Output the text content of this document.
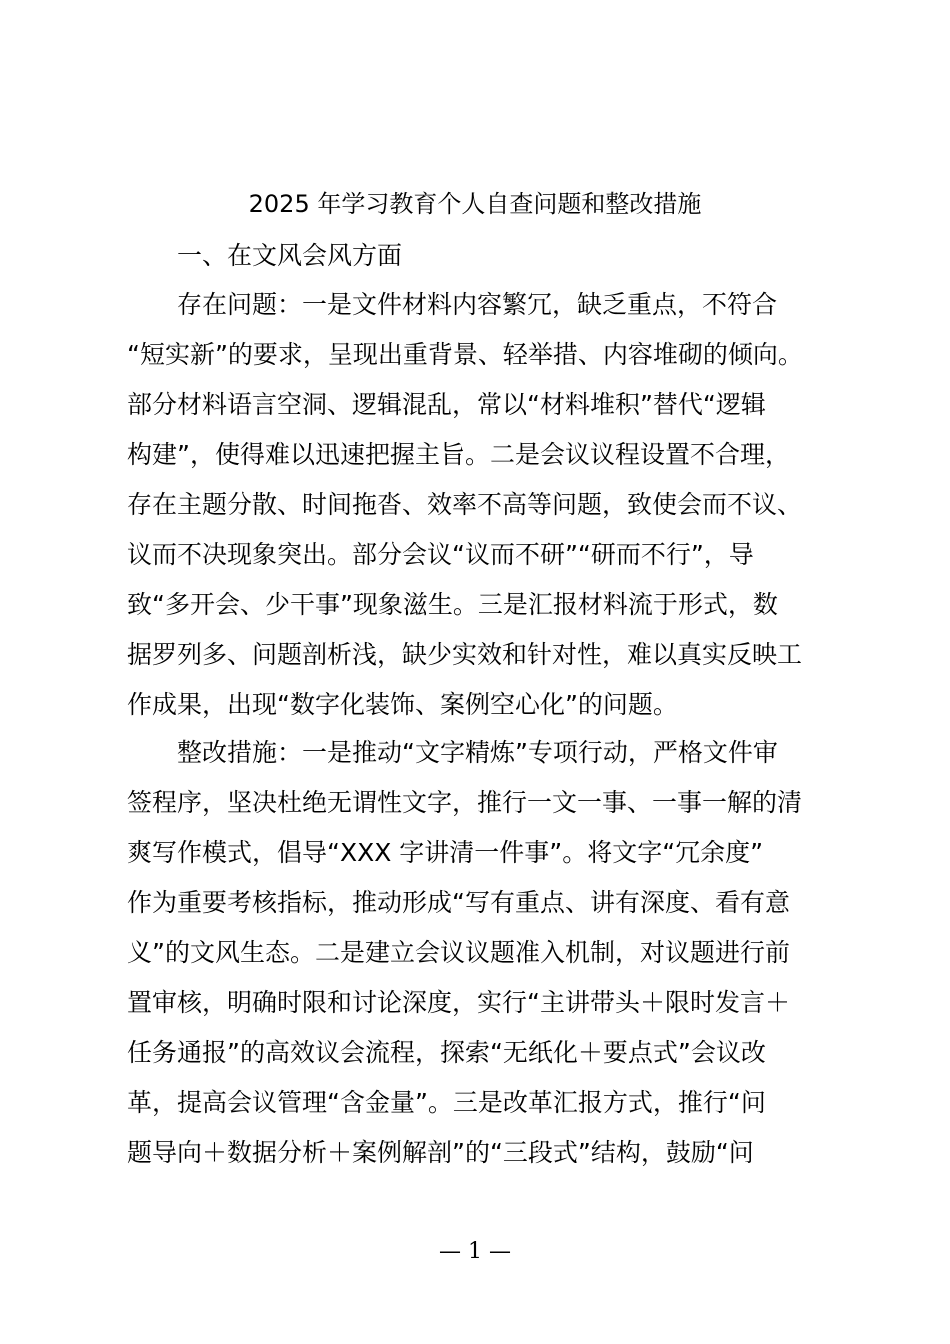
2025 年学习教育个人自查问题和整改措施
一、在文风会风方面
存在问题：一是文件材料内容繁冗，缺乏重点，不符合
“短实新”的要求，呈现出重背景、轻举措、内容堆砌的倾向。
部分材料语言空洞、逻辑混乱，常以“材料堆积”替代“逻辑
构建”，使得难以迅速把握主旨。二是会议议程设置不合理，
存在主题分散、时间拖沓、效率不高等问题，致使会而不议、
议而不决现象突出。部分会议“议而不研”“研而不行”，导
致“多开会、少干事”现象滋生。三是汇报材料流于形式，数
据罗列多、问题剖析浅，缺少实效和针对性，难以真实反映工
作成果，出现“数字化装饰、案例空心化”的问题。
整改措施：一是推动“文字精炼”专项行动，严格文件审
签程序，坚决杜绝无谓性文字，推行一文一事、一事一解的清
爽写作模式，倡导“XXX 字讲清一件事”。将文字“冗余度”
作为重要考核指标，推动形成“写有重点、讲有深度、看有意
义”的文风生态。二是建立会议议题准入机制，对议题进行前
置审核，明确时限和讨论深度，实行“主讲带头＋限时发言＋
任务通报”的高效议会流程，探索“无纸化＋要点式”会议改
革，提高会议管理“含金量”。三是改革汇报方式，推行“问
题导向＋数据分析＋案例解剖”的“三段式”结构，鼓励“问
— 1 —
